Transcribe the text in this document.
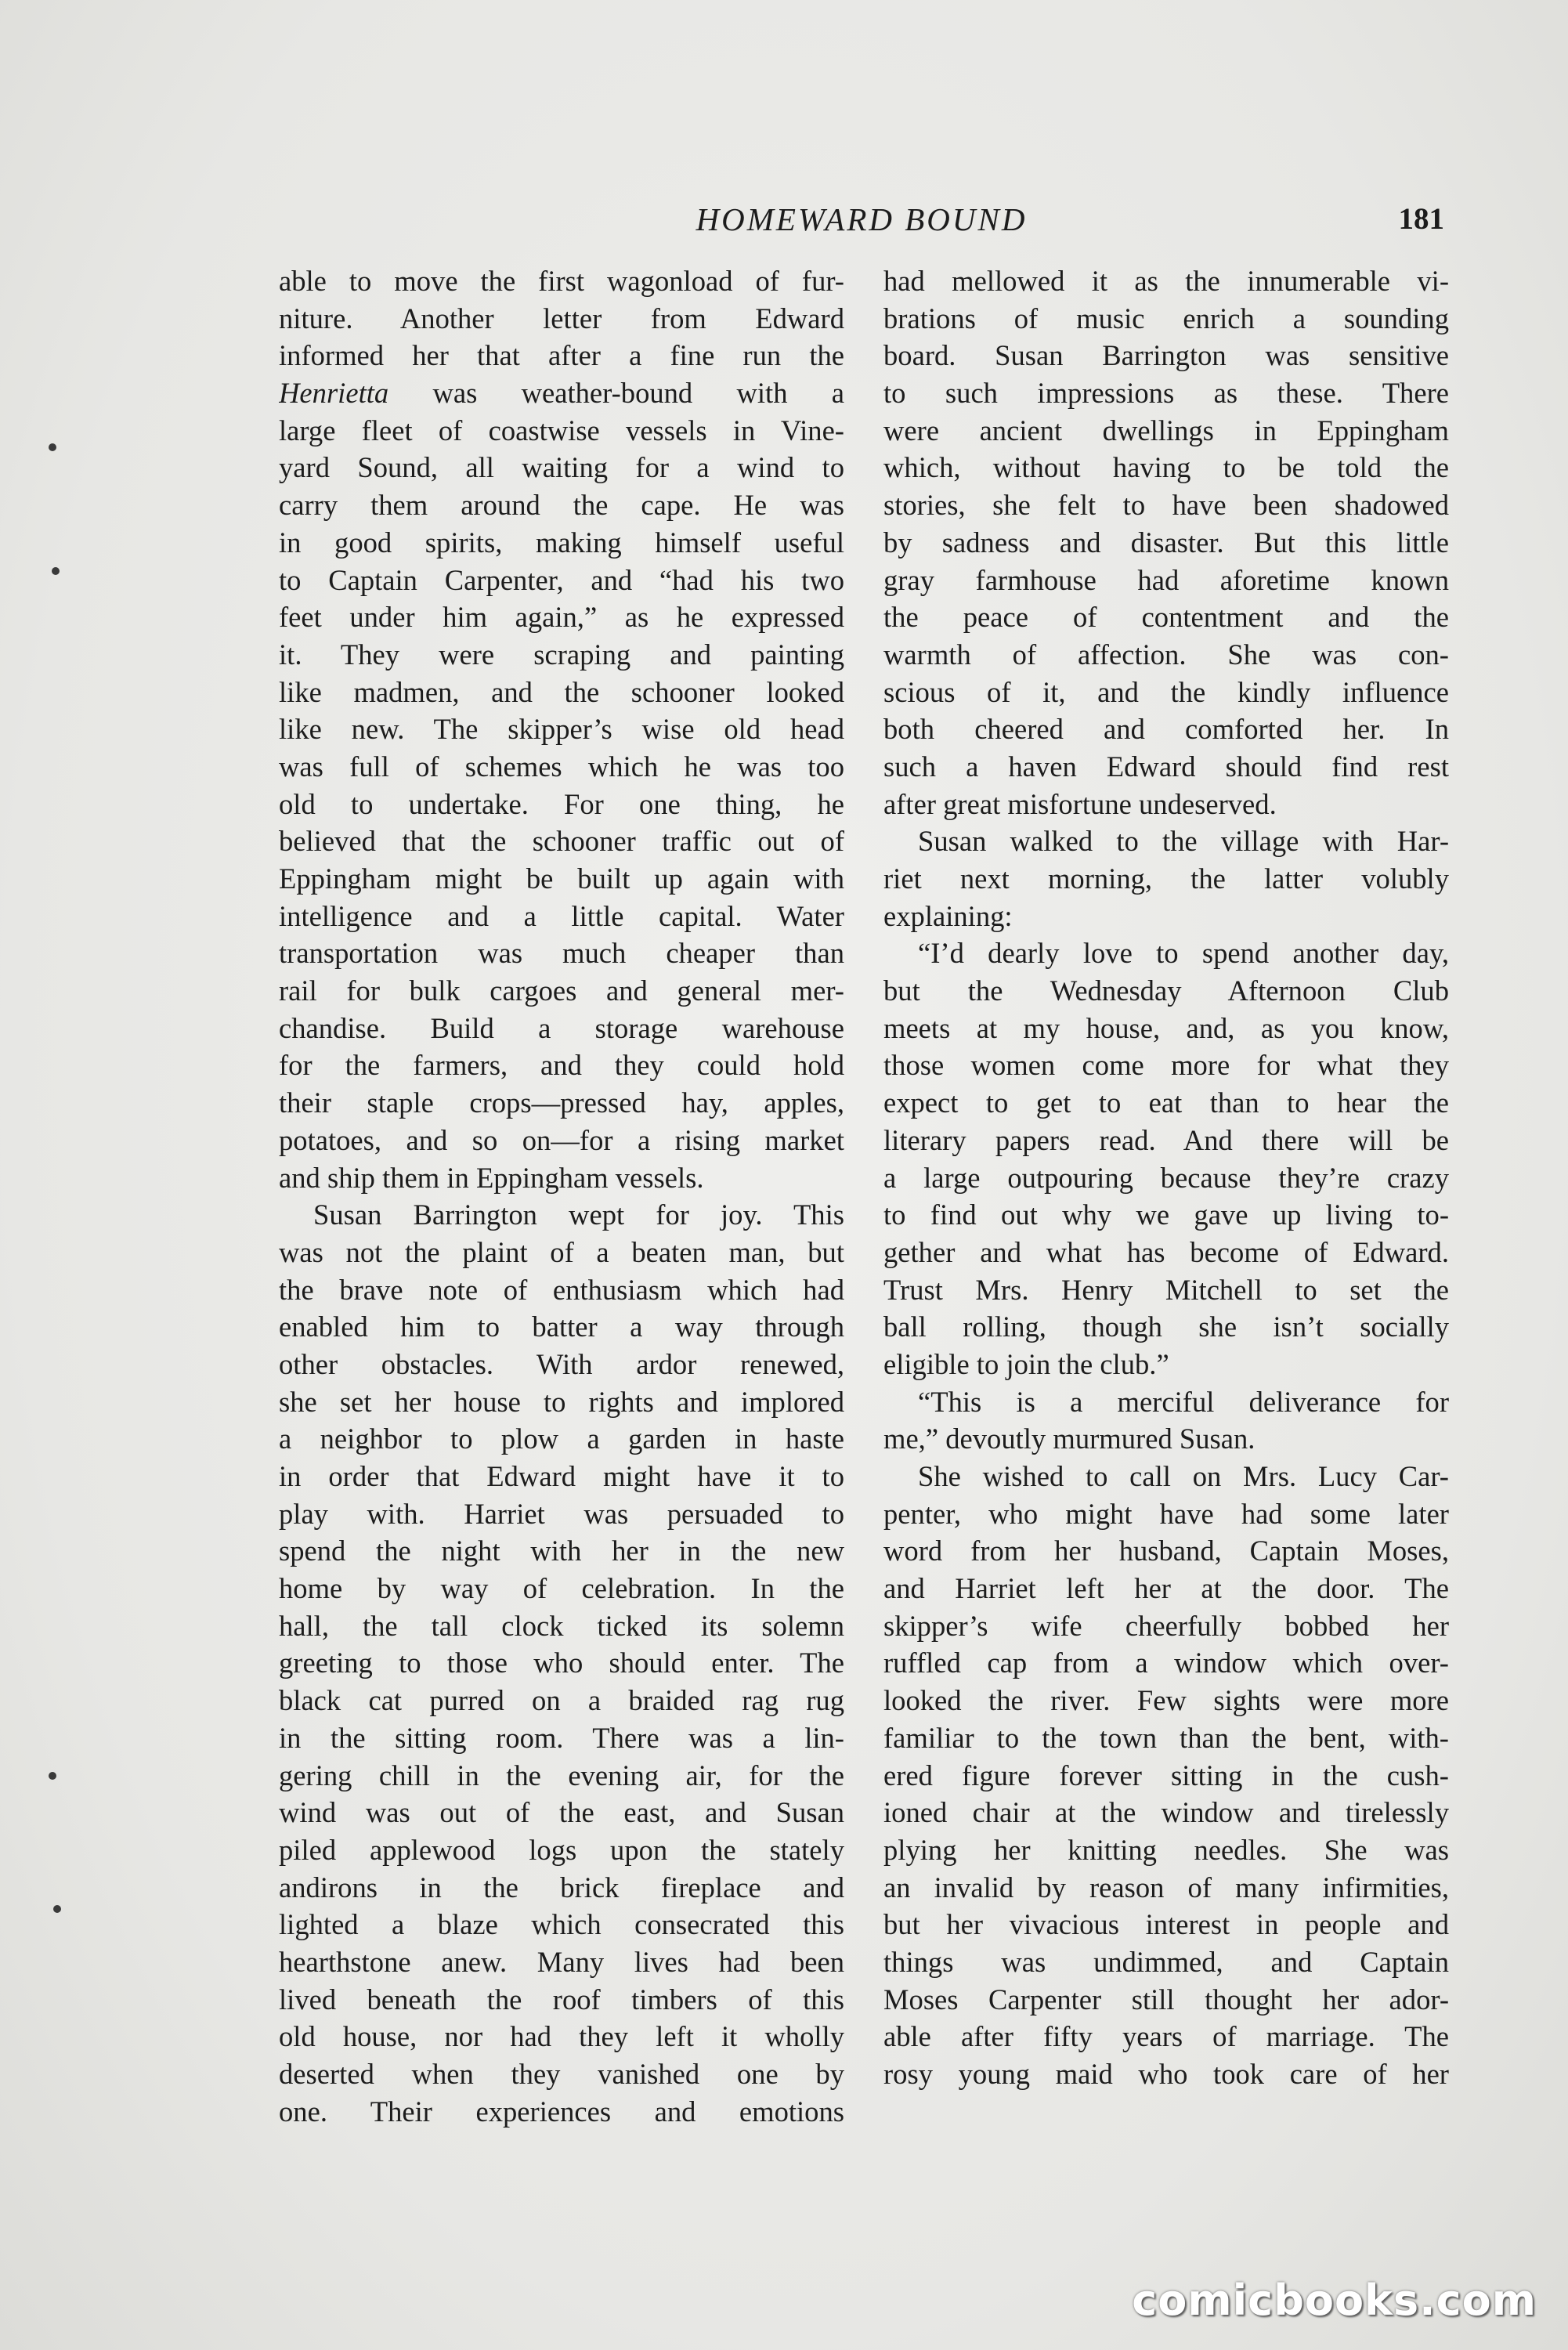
HOMEWARD BOUND	181
able to move the first wagonload of fur-
niture. Another letter from Edward
informed her that after a fine run the
Henrietta was weather-bound with a
large fleet of coastwise vessels in Vine-
yard Sound, all waiting for a wind to
carry them around the cape. He was
in good spirits, making himself useful
to Captain Carpenter, and “had his two
feet under him again,” as he expressed
it. They were scraping and painting
like madmen, and the schooner looked
like new. The skipper’s wise old head
was full of schemes which he was too
old to undertake. For one thing, he
believed that the schooner traffic out of
Eppingham might be built up again with
intelligence and a little capital. Water
transportation was much cheaper than
rail for bulk cargoes and general mer-
chandise. Build a storage warehouse
for the farmers, and they could hold
their staple crops—pressed hay, apples,
potatoes, and so on—for a rising market
and ship them in Eppingham vessels.
Susan Barrington wept for joy. This
was not the plaint of a beaten man, but
the brave note of enthusiasm which had
enabled him to batter a way through
other obstacles. With ardor renewed,
she set her house to rights and implored
a neighbor to plow a garden in haste
in order that Edward might have it to
play with. Harriet was persuaded to
spend the night with her in the new
home by way of celebration. In the
hall, the tall clock ticked its solemn
greeting to those who should enter. The
black cat purred on a braided rag rug
in the sitting room. There was a lin-
gering chill in the evening air, for the
wind was out of the east, and Susan
piled applewood logs upon the stately
andirons in the brick fireplace and
lighted a blaze which consecrated this
hearthstone anew. Many lives had been
lived beneath the roof timbers of this
old house, nor had they left it wholly
deserted when they vanished one by
one. Their experiences and emotions
had mellowed it as the innumerable vi-
brations of music enrich a sounding
board. Susan Barrington was sensitive
to such impressions as these. There
were ancient dwellings in Eppingham
which, without having to be told the
stories, she felt to have been shadowed
by sadness and disaster. But this little
gray farmhouse had aforetime known
the peace of contentment and the
warmth of affection. She was con-
scious of it, and the kindly influence
both cheered and comforted her. In
such a haven Edward should find rest
after great misfortune undeserved.
Susan walked to the village with Har-
riet next morning, the latter volubly
explaining:
“I’d dearly love to spend another day,
but the Wednesday Afternoon Club
meets at my house, and, as you know,
those women come more for what they
expect to get to eat than to hear the
literary papers read. And there will be
a large outpouring because they’re crazy
to find out why we gave up living to-
gether and what has become of Edward.
Trust Mrs. Henry Mitchell to set the
ball rolling, though she isn’t socially
eligible to join the club.”
“This is a merciful deliverance for
me,” devoutly murmured Susan.
She wished to call on Mrs. Lucy Car-
penter, who might have had some later
word from her husband, Captain Moses,
and Harriet left her at the door. The
skipper’s wife cheerfully bobbed her
ruffled cap from a window which over-
looked the river. Few sights were more
familiar to the town than the bent, with-
ered figure forever sitting in the cush-
ioned chair at the window and tirelessly
plying her knitting needles. She was
an invalid by reason of many infirmities,
but her vivacious interest in people and
things was undimmed, and Captain
Moses Carpenter still thought her ador-
able after fifty years of marriage. The
rosy young maid who took care of her
comicbooks.com
